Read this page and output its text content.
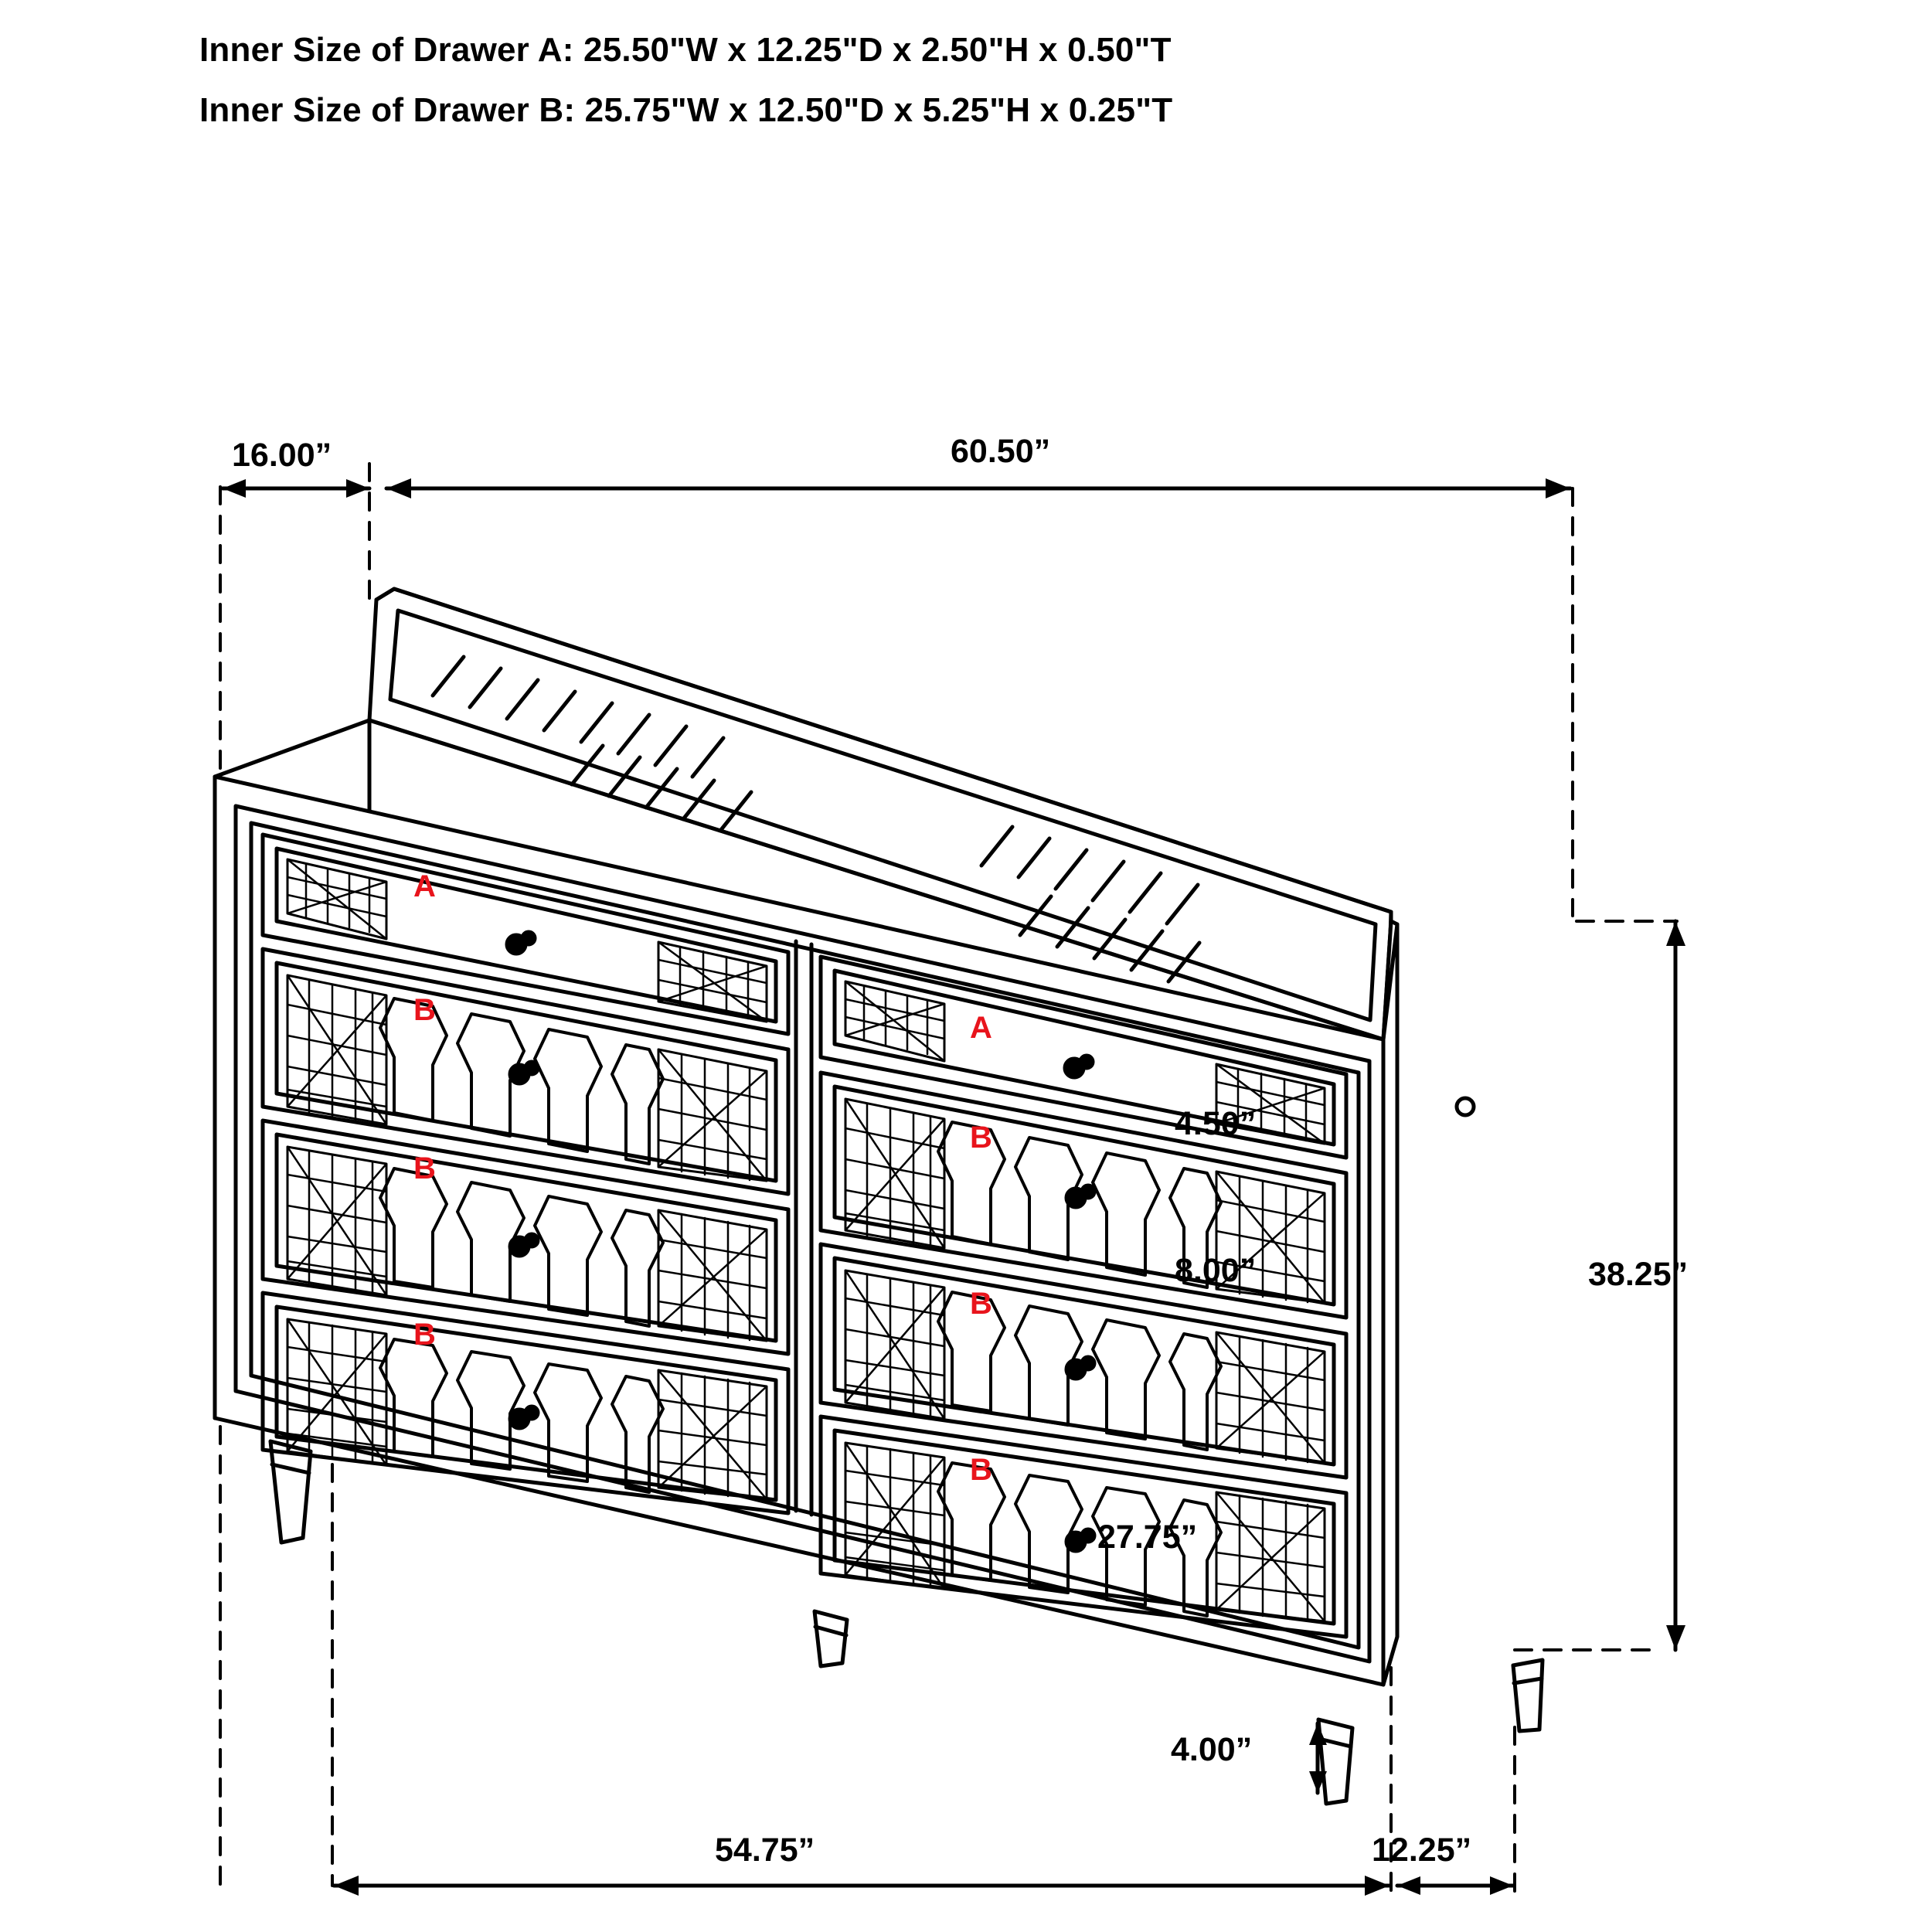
Inner Size of Drawer A: 25.50"W x 12.25"D x 2.50"H x 0.50"T
Inner Size of Drawer B: 25.75"W x 12.50"D x 5.25"H x 0.25"T
16.00”	60.50”
38.25”
4.50”
8.00”
27.75”
4.00”
54.75”	12.25”
A
B
B
B
A
B
B
B
